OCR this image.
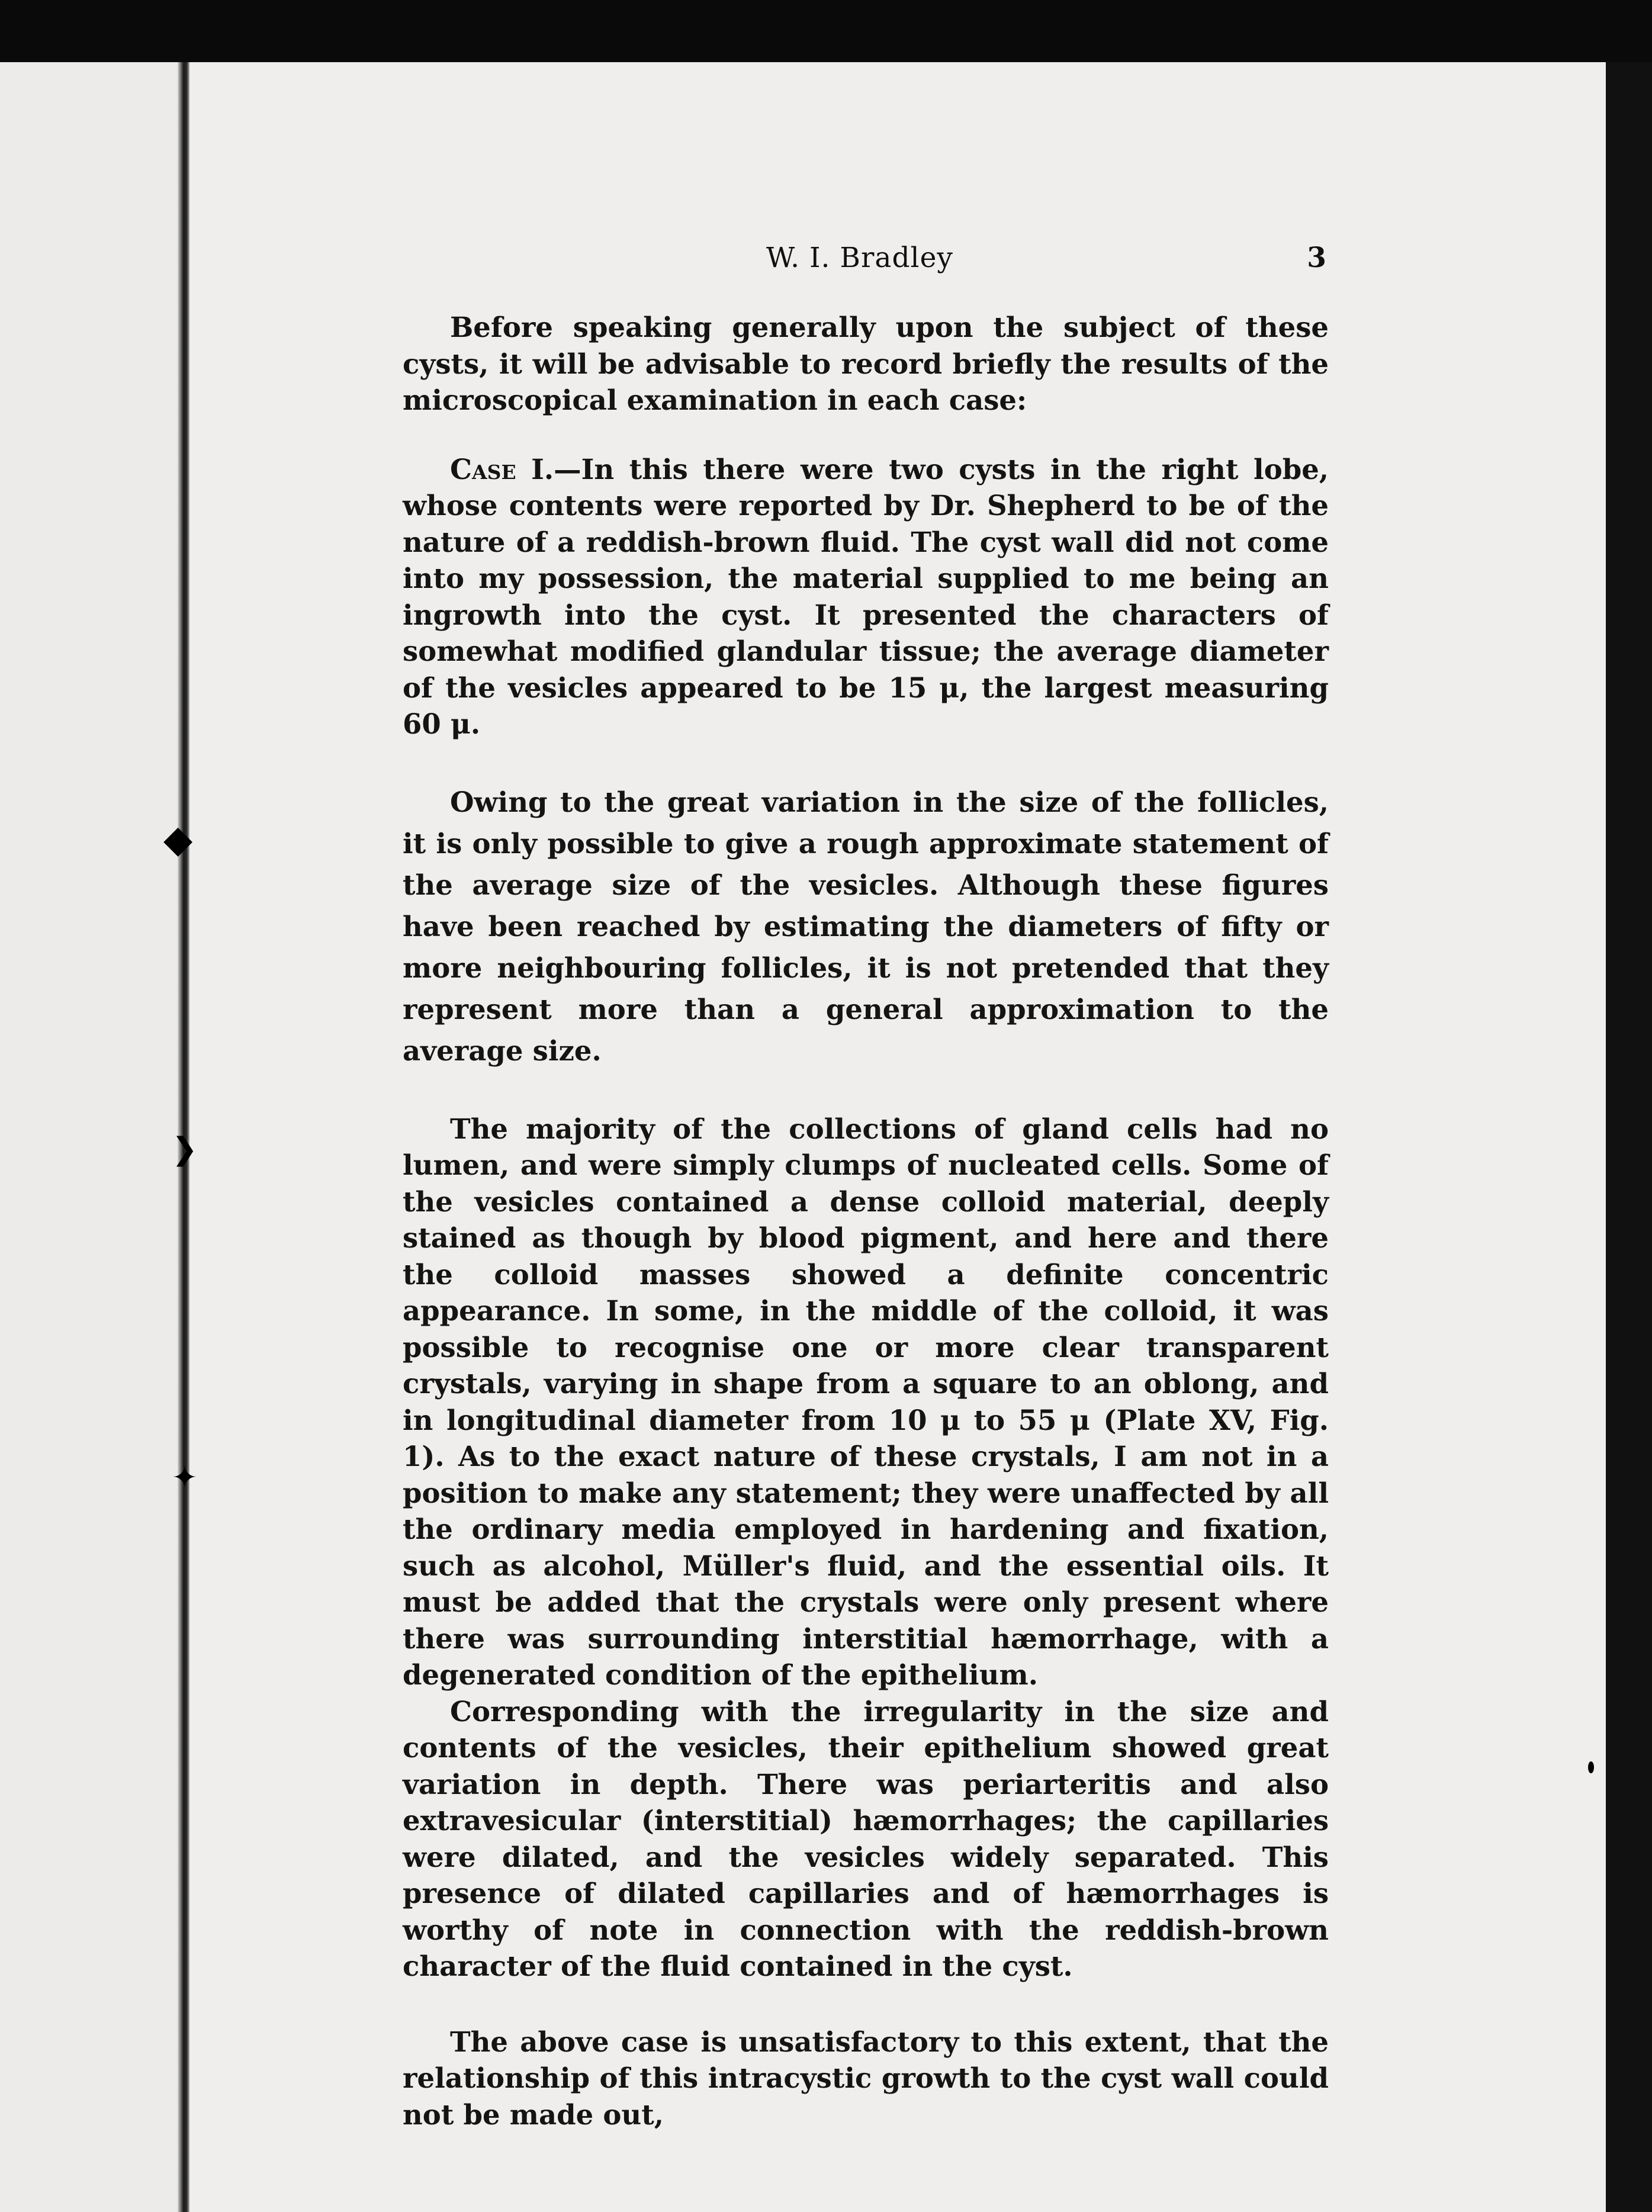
◆
❯
✦
W. I. Bradley	3

Before speaking generally upon the subject of these cysts, it will be advisable to record briefly the results of the microscopical examination in each case:

Case I.—In this there were two cysts in the right lobe, whose contents were reported by Dr. Shepherd to be of the nature of a reddish-brown fluid. The cyst wall did not come into my possession, the material supplied to me being an ingrowth into the cyst. It presented the characters of somewhat modified glandular tissue; the average diameter of the vesicles appeared to be 15 μ, the largest measuring 60 μ.

Owing to the great variation in the size of the follicles, it is only possible to give a rough approximate statement of the average size of the vesicles. Although these figures have been reached by estimating the diameters of fifty or more neighbouring follicles, it is not pretended that they represent more than a general approximation to the average size.

The majority of the collections of gland cells had no lumen, and were simply clumps of nucleated cells. Some of the vesicles contained a dense colloid material, deeply stained as though by blood pigment, and here and there the colloid masses showed a definite concentric appearance. In some, in the middle of the colloid, it was possible to recognise one or more clear transparent crystals, varying in shape from a square to an oblong, and in longitudinal diameter from 10 μ to 55 μ (Plate XV, Fig. 1). As to the exact nature of these crystals, I am not in a position to make any statement; they were unaffected by all the ordinary media employed in hardening and fixation, such as alcohol, Müller's fluid, and the essential oils. It must be added that the crystals were only present where there was surrounding interstitial hæmorrhage, with a degenerated condition of the epithelium.

Corresponding with the irregularity in the size and contents of the vesicles, their epithelium showed great variation in depth. There was periarteritis and also extravesicular (interstitial) hæmorrhages; the capillaries were dilated, and the vesicles widely separated. This presence of dilated capillaries and of hæmorrhages is worthy of note in connection with the reddish-brown character of the fluid contained in the cyst.

The above case is unsatisfactory to this extent, that the relationship of this intracystic growth to the cyst wall could not be made out,
